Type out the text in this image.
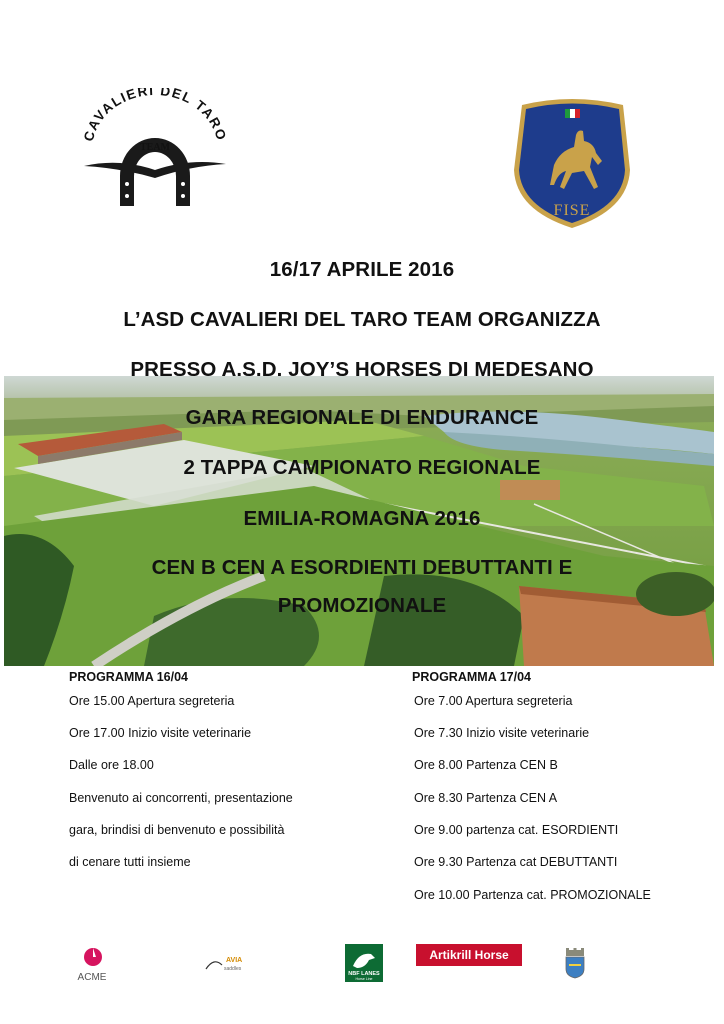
CAVALIERI DEL TARO
TEAM
FISE
16/17 APRILE 2016
L’ASD CAVALIERI DEL TARO TEAM ORGANIZZA
PRESSO A.S.D. JOY’S HORSES DI MEDESANO
GARA REGIONALE DI ENDURANCE
2 TAPPA CAMPIONATO REGIONALE
EMILIA-ROMAGNA 2016
CEN B CEN A ESORDIENTI DEBUTTANTI E
PROMOZIONALE
PROGRAMMA 16/04
Ore 15.00 Apertura segreteria
Ore 17.00 Inizio visite veterinarie
Dalle ore 18.00
Benvenuto ai concorrenti, presentazione
gara, brindisi di benvenuto e possibilità
di cenare tutti insieme
PROGRAMMA 17/04
Ore 7.00 Apertura segreteria
Ore 7.30 Inizio visite veterinarie
Ore 8.00 Partenza CEN B
Ore 8.30 Partenza CEN A
Ore 9.00 partenza cat. ESORDIENTI
Ore 9.30 Partenza cat DEBUTTANTI
Ore 10.00 Partenza cat. PROMOZIONALE
ACME
AVIA
saddles
NBF LANES
Horse Line
Artikrill Horse adulti
